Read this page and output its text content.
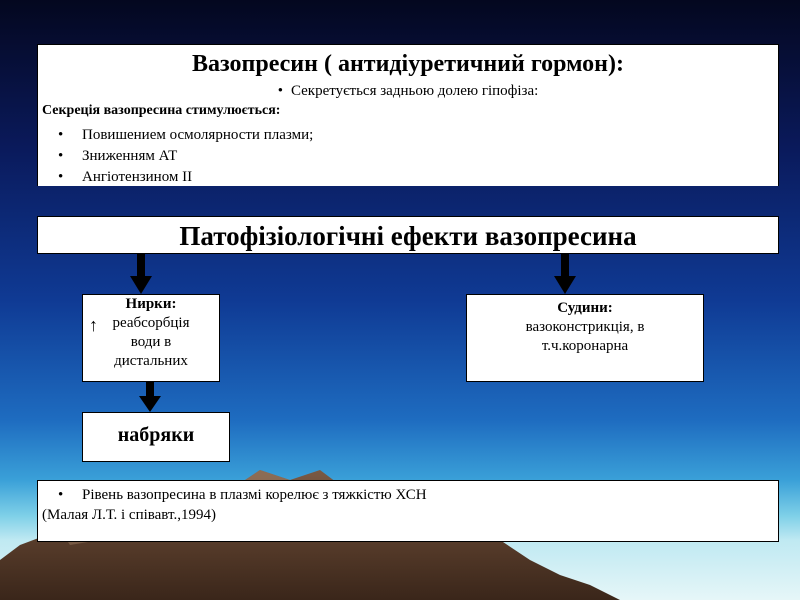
Вазопресин ( антидіуретичний гормон):
• Секретується задньою долею гіпофіза:
Секреція вазопресина стимулюється:
• Повишением осмолярности плазми;
• Зниженням АТ
• Ангіотензином ІІ
Патофізіологічні ефекти вазопресина
Нирки:
реабсорбція
води в
дистальних
↑
Судини:
вазоконстрикція, в
т.ч.коронарна
набряки
• Рівень вазопресина в плазмі корелює з тяжкістю ХСН
(Малая Л.Т. і співавт.,1994)
